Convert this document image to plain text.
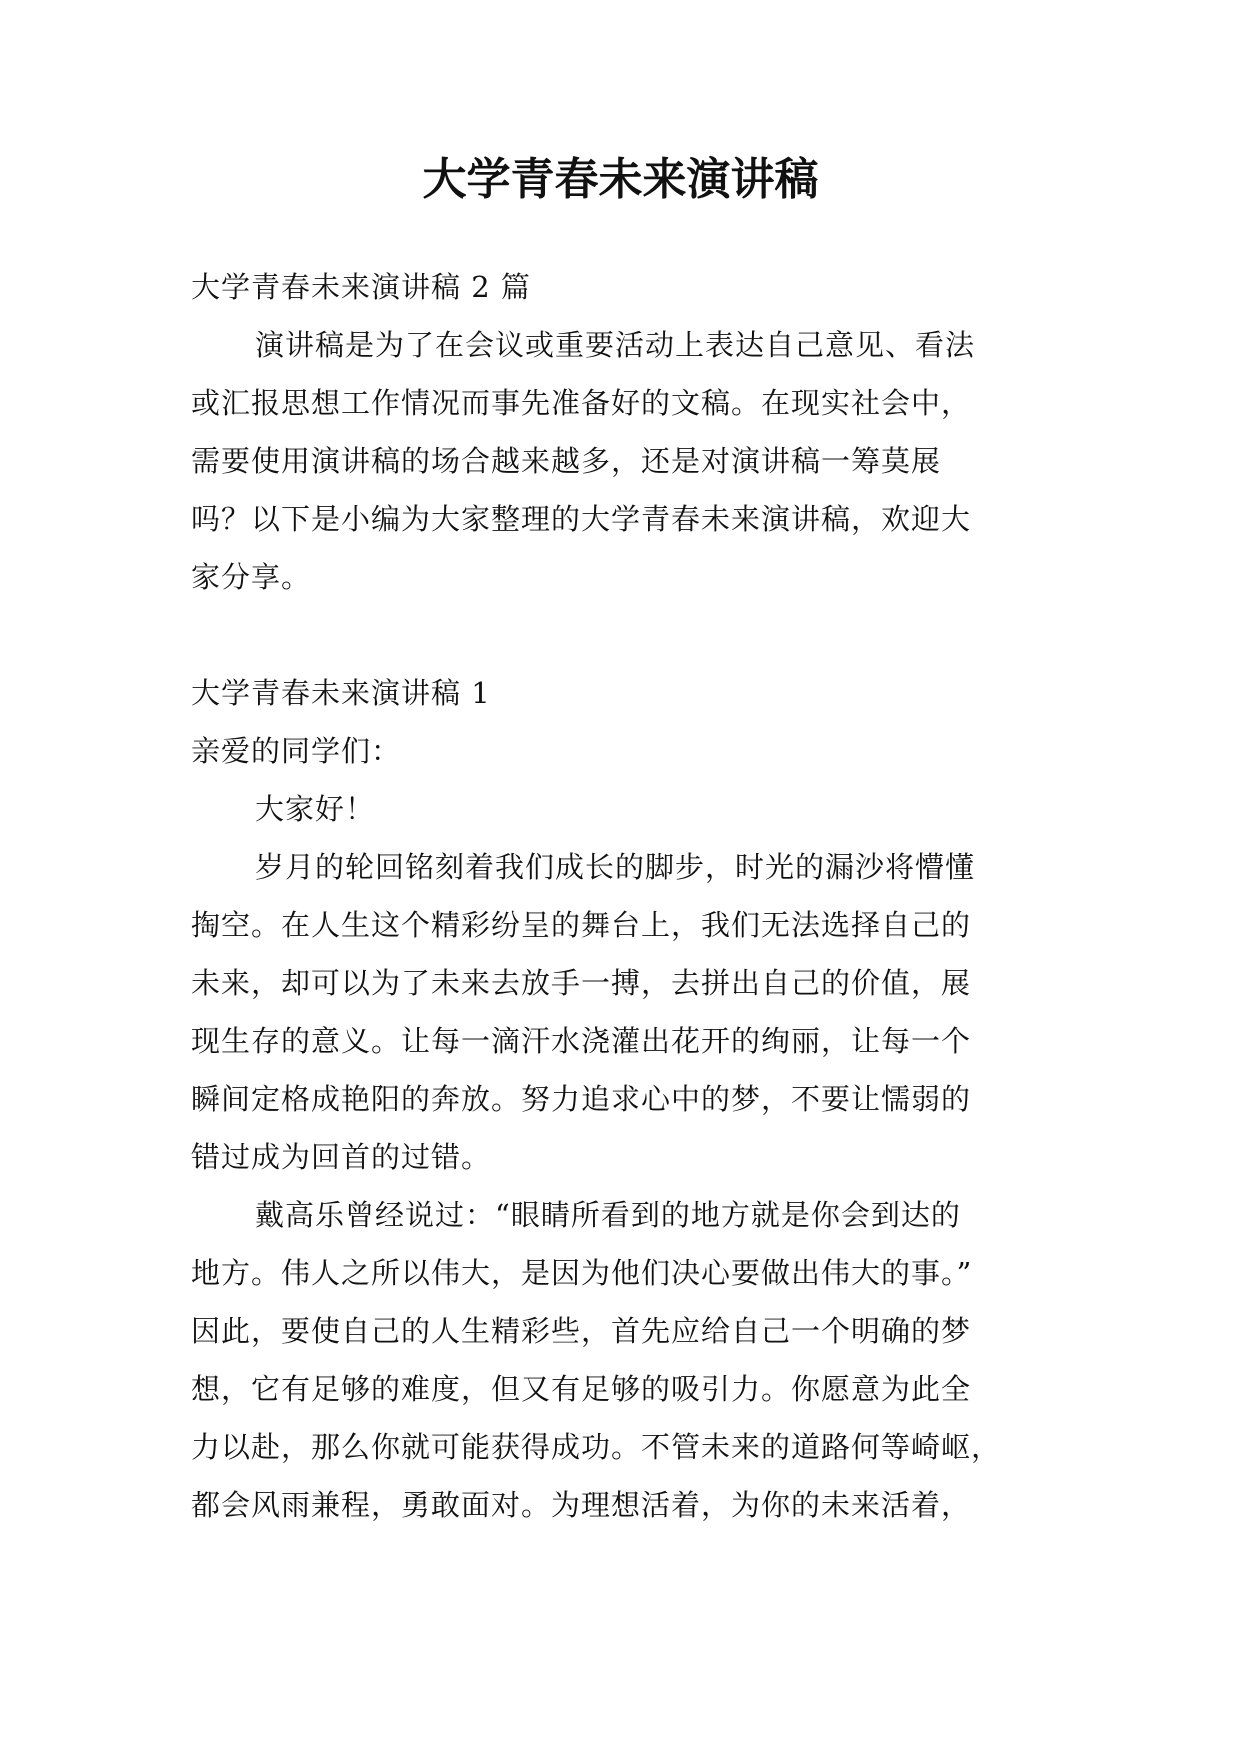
大学青春未来演讲稿
大学青春未来演讲稿 2 篇
演讲稿是为了在会议或重要活动上表达自己意见、看法
或汇报思想工作情况而事先准备好的文稿。在现实社会中，
需要使用演讲稿的场合越来越多，还是对演讲稿一筹莫展
吗？以下是小编为大家整理的大学青春未来演讲稿，欢迎大
家分享。
大学青春未来演讲稿 1
亲爱的同学们：
大家好！
岁月的轮回铭刻着我们成长的脚步，时光的漏沙将懵懂
掏空。在人生这个精彩纷呈的舞台上，我们无法选择自己的
未来，却可以为了未来去放手一搏，去拼出自己的价值，展
现生存的意义。让每一滴汗水浇灌出花开的绚丽，让每一个
瞬间定格成艳阳的奔放。努力追求心中的梦，不要让懦弱的
错过成为回首的过错。
戴高乐曾经说过：“眼睛所看到的地方就是你会到达的
地方。伟人之所以伟大，是因为他们决心要做出伟大的事。”
因此，要使自己的人生精彩些，首先应给自己一个明确的梦
想，它有足够的难度，但又有足够的吸引力。你愿意为此全
力以赴，那么你就可能获得成功。不管未来的道路何等崎岖，
都会风雨兼程，勇敢面对。为理想活着，为你的未来活着，
